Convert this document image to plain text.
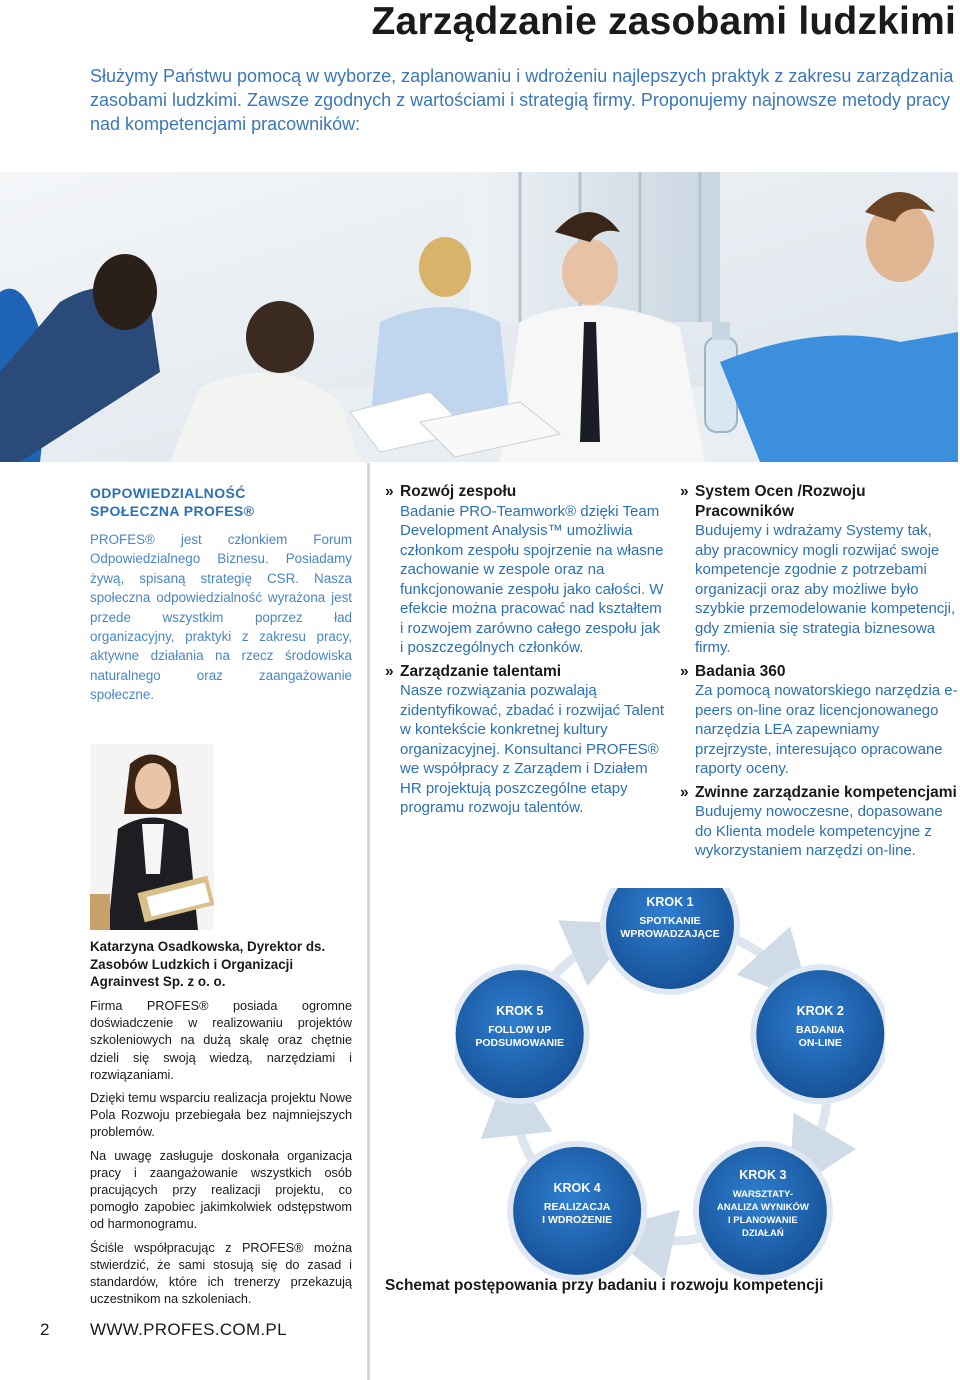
Zarządzanie zasobami ludzkimi

Służymy Państwu pomocą w wyborze, zaplanowaniu i wdrożeniu najlepszych praktyk z zakresu zarządzania zasobami ludzkimi. Zawsze zgodnych z wartościami i strategią firmy. Proponujemy najnowsze metody pracy nad kompetencjami pracowników:

ODPOWIEDZIALNOŚĆ
SPOŁECZNA PROFES®

PROFES® jest członkiem Forum Odpowiedzialnego Biznesu. Posiadamy żywą, spisaną strategię CSR. Nasza społeczna odpowiedzialność wyrażona jest przede wszystkim poprzez ład organizacyjny, praktyki z zakresu pracy, aktywne działania na rzecz środowiska naturalnego oraz zaangażowanie społeczne.

Katarzyna Osadkowska, Dyrektor ds. Zasobów Ludzkich i Organizacji Agrainvest Sp. z o. o.

Firma PROFES® posiada ogromne doświadczenie w realizowaniu projektów szkoleniowych na dużą skalę oraz chętnie dzieli się swoją wiedzą, narzędziami i rozwiązaniami.

Dzięki temu wsparciu realizacja projektu Nowe Pola Rozwoju przebiegała bez najmniejszych problemów.

Na uwagę zasługuje doskonała organizacja pracy i zaangażowanie wszystkich osób pracujących przy realizacji projektu, co pomogło zapobiec jakimkolwiek odstępstwom od harmonogramu.

Ściśle współpracując z PROFES® można stwierdzić, że sami stosują się do zasad i standardów, które ich trenerzy przekazują uczestnikom na szkoleniach.

» Rozwój zespołu
Badanie PRO-Teamwork® dzięki Team Development Analysis™ umożliwia członkom zespołu spojrzenie na własne zachowanie w zespole oraz na funkcjonowanie zespołu jako całości. W efekcie można pracować nad kształtem i rozwojem zarówno całego zespołu jak i poszczególnych członków.
» Zarządzanie talentami
Nasze rozwiązania pozwalają zidentyfikować, zbadać i rozwijać Talent w kontekście konkretnej kultury organizacyjnej. Konsultanci PROFES® we współpracy z Zarządem i Działem HR projektują poszczególne etapy programu rozwoju talentów.
» System Ocen /Rozwoju Pracowników
Budujemy i wdrażamy Systemy tak, aby pracownicy mogli rozwijać swoje kompetencje zgodnie z potrzebami organizacji oraz aby możliwe było szybkie przemodelowanie kompetencji, gdy zmienia się strategia biznesowa firmy.
» Badania 360
Za pomocą nowatorskiego narzędzia e-peers on-line oraz licencjonowanego narzędzia LEA zapewniamy przejrzyste, interesująco opracowane raporty oceny.
» Zwinne zarządzanie kompetencjami
Budujemy nowoczesne, dopasowane do Klienta modele kompetencyjne z wykorzystaniem narzędzi on-line.
KROK 1
SPOTKANIE
WPROWADZAJĄCE
KROK 2
BADANIA
ON-LINE
KROK 3
WARSZTATY-
ANALIZA WYNIKÓW
I PLANOWANIE
DZIAŁAŃ
KROK 4
REALIZACJA
I WDROŻENIE
KROK 5
FOLLOW UP
PODSUMOWANIE
Schemat postępowania przy badaniu i rozwoju kompetencji
2 WWW.PROFES.COM.PL
